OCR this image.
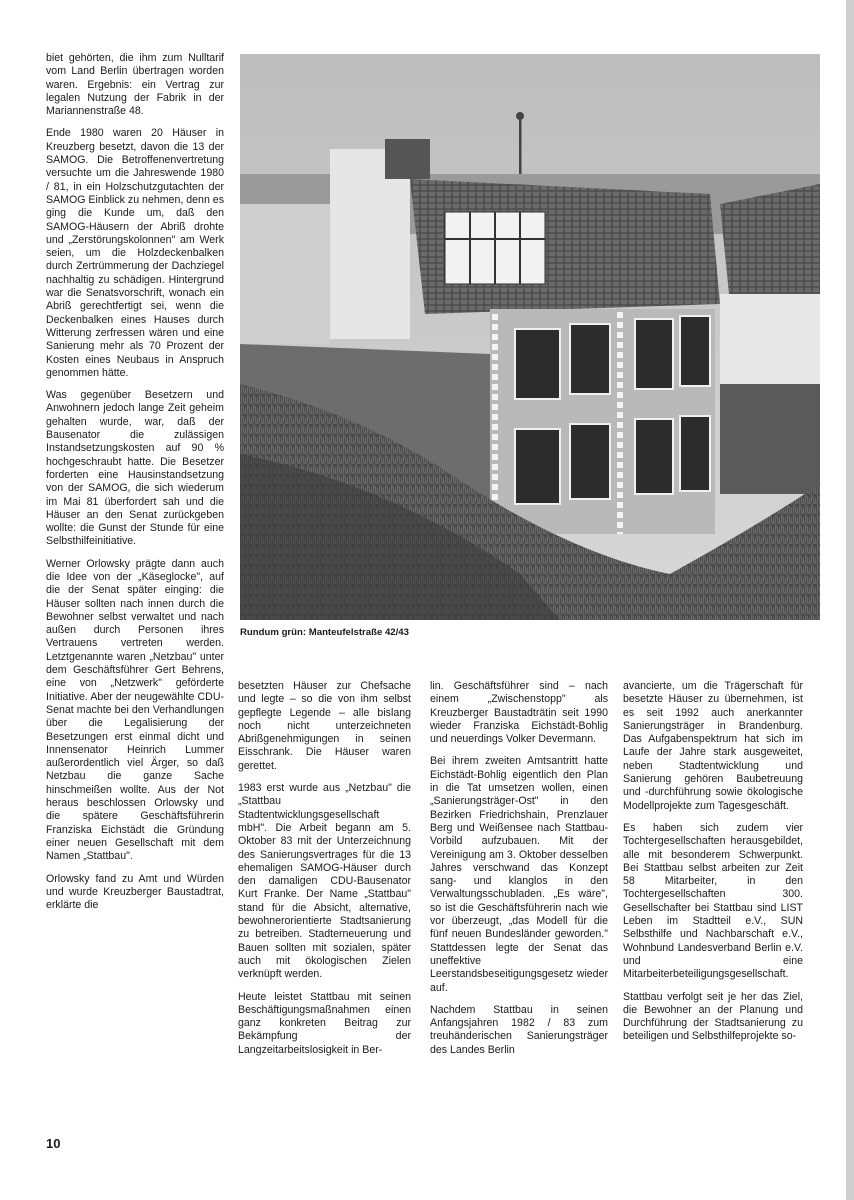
biet gehörten, die ihm zum Nulltarif vom Land Berlin übertragen worden waren. Ergebnis: ein Vertrag zur legalen Nutzung der Fabrik in der Mariannenstraße 48.

Ende 1980 waren 20 Häuser in Kreuzberg besetzt, davon die 13 der SAMOG. Die Betroffenenvertretung versuchte um die Jahreswende 1980 / 81, in ein Holzschutzgutachten der SAMOG Einblick zu nehmen, denn es ging die Kunde um, daß den SAMOG-Häusern der Abriß drohte und „Zerstörungskolonnen" am Werk seien, um die Holzdeckenbalken durch Zertrümmerung der Dachziegel nachhaltig zu schädigen. Hintergrund war die Senatsvorschrift, wonach ein Abriß gerechtfertigt sei, wenn die Deckenbalken eines Hauses durch Witterung zerfressen wären und eine Sanierung mehr als 70 Prozent der Kosten eines Neubaus in Anspruch genommen hätte.

Was gegenüber Besetzern und Anwohnern jedoch lange Zeit geheim gehalten wurde, war, daß der Bausenator die zulässigen Instandsetzungskosten auf 90 % hochgeschraubt hatte. Die Besetzer forderten eine Hausinstandsetzung von der SAMOG, die sich wiederum im Mai 81 überfordert sah und die Häuser an den Senat zurückgeben wollte: die Gunst der Stunde für eine Selbsthilfeinitiative.

Werner Orlowsky prägte dann auch die Idee von der „Käseglocke", auf die der Senat später einging: die Häuser sollten nach innen durch die Bewohner selbst verwaltet und nach außen durch Personen ihres Vertrauens vertreten werden. Letztgenannte waren „Netzbau" unter dem Geschäftsführer Gert Behrens, eine von „Netzwerk" geförderte Initiative. Aber der neugewählte CDU-Senat machte bei den Verhandlungen über die Legalisierung der Besetzungen erst einmal dicht und Innensenator Heinrich Lummer außerordentlich viel Ärger, so daß Netzbau die ganze Sache hinschmeißen wollte. Aus der Not heraus beschlossen Orlowsky und die spätere Geschäftsführerin Franziska Eichstädt die Gründung einer neuen Gesellschaft mit dem Namen „Stattbau".

Orlowsky fand zu Amt und Würden und wurde Kreuzberger Baustadtrat, erklärte die

Rundum grün: Manteufelstraße 42/43

besetzten Häuser zur Chefsache und legte – so die von ihm selbst gepflegte Legende – alle bislang noch nicht unterzeichneten Abrißgenehmigungen in seinen Eisschrank. Die Häuser waren gerettet.

1983 erst wurde aus „Netzbau" die „Stattbau Stadtentwicklungsgesellschaft mbH". Die Arbeit begann am 5. Oktober 83 mit der Unterzeichnung des Sanierungsvertrages für die 13 ehemaligen SAMOG-Häuser durch den damaligen CDU-Bausenator Kurt Franke. Der Name „Stattbau" stand für die Absicht, alternative, bewohnerorientierte Stadtsanierung zu betreiben. Stadterneuerung und Bauen sollten mit sozialen, später auch mit ökologischen Zielen verknüpft werden.

Heute leistet Stattbau mit seinen Beschäftigungsmaßnahmen einen ganz konkreten Beitrag zur Bekämpfung der Langzeitarbeitslosigkeit in Ber-

lin. Geschäftsführer sind – nach einem „Zwischenstopp" als Kreuzberger Baustadträtin seit 1990 wieder Franziska Eichstädt-Bohlig und neuerdings Volker Devermann.

Bei ihrem zweiten Amtsantritt hatte Eichstädt-Bohlig eigentlich den Plan in die Tat umsetzen wollen, einen „Sanierungsträger-Ost" in den Bezirken Friedrichshain, Prenzlauer Berg und Weißensee nach Stattbau-Vorbild aufzubauen. Mit der Vereinigung am 3. Oktober desselben Jahres verschwand das Konzept sang- und klanglos in den Verwaltungsschubladen. „Es wäre", so ist die Geschäftsführerin nach wie vor überzeugt, „das Modell für die fünf neuen Bundesländer geworden." Stattdessen legte der Senat das uneffektive Leerstandsbeseitigungsgesetz wieder auf.

Nachdem Stattbau in seinen Anfangsjahren 1982 / 83 zum treuhänderischen Sanierungsträger des Landes Berlin

avancierte, um die Trägerschaft für besetzte Häuser zu übernehmen, ist es seit 1992 auch anerkannter Sanierungsträger in Brandenburg. Das Aufgabenspektrum hat sich im Laufe der Jahre stark ausgeweitet, neben Stadtentwicklung und Sanierung gehören Baubetreuung und -durchführung sowie ökologische Modellprojekte zum Tagesgeschäft.

Es haben sich zudem vier Tochtergesellschaften herausgebildet, alle mit besonderem Schwerpunkt. Bei Stattbau selbst arbeiten zur Zeit 58 Mitarbeiter, in den Tochtergesellschaften 300. Gesellschafter bei Stattbau sind LIST Leben im Stadtteil e.V., SUN Selbsthilfe und Nachbarschaft e.V., Wohnbund Landesverband Berlin e.V. und eine Mitarbeiterbeteiligungsgesellschaft.

Stattbau verfolgt seit je her das Ziel, die Bewohner an der Planung und Durchführung der Stadtsanierung zu beteiligen und Selbsthilfeprojekte so-

10
